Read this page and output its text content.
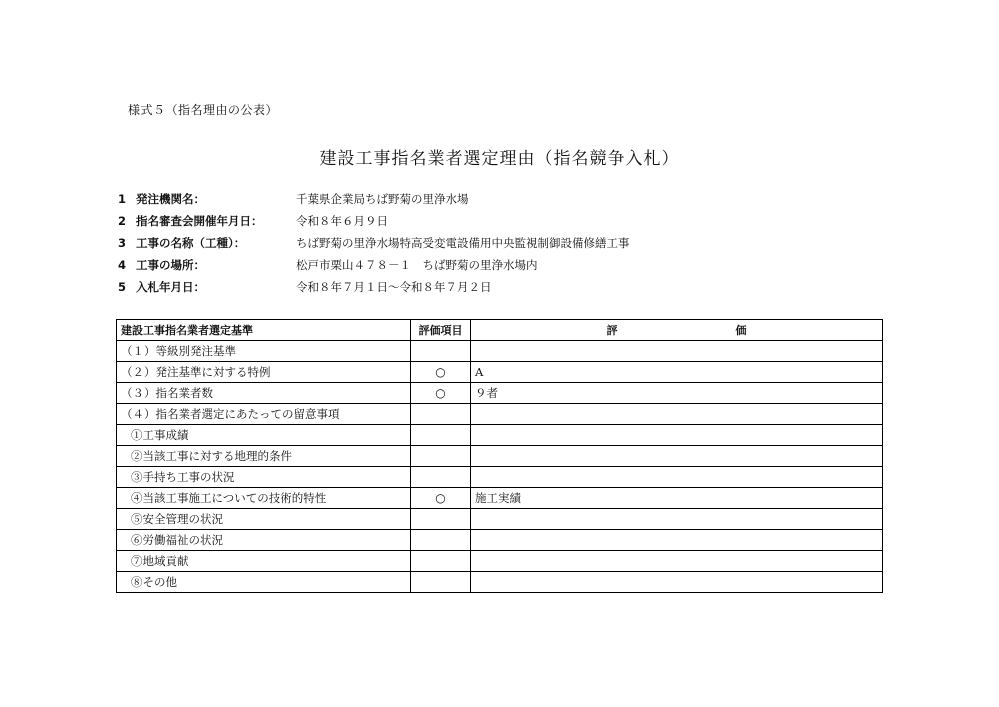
様式５（指名理由の公表）
建設工事指名業者選定理由（指名競争入札）
1 発注機関名：	千葉県企業局ちば野菊の里浄水場
2 指名審査会開催年月日：	令和８年６月９日
3 工事の名称（工種）：	ちば野菊の里浄水場特高受変電設備用中央監視制御設備修繕工事
4 工事の場所：	松戸市栗山４７８－１　ちば野菊の里浄水場内
5 入札年月日：	令和８年７月１日～令和８年７月２日
建設工事指名業者選定基準	評価項目	評価
（１）等級別発注基準		
（２）発注基準に対する特例	○	A
（３）指名業者数	○	９者
（４）指名業者選定にあたっての留意事項		
①工事成績		
②当該工事に対する地理的条件		
③手持ち工事の状況		
④当該工事施工についての技術的特性	○	施工実績
⑤安全管理の状況		
⑥労働福祉の状況		
⑦地域貢献		
⑧その他		
